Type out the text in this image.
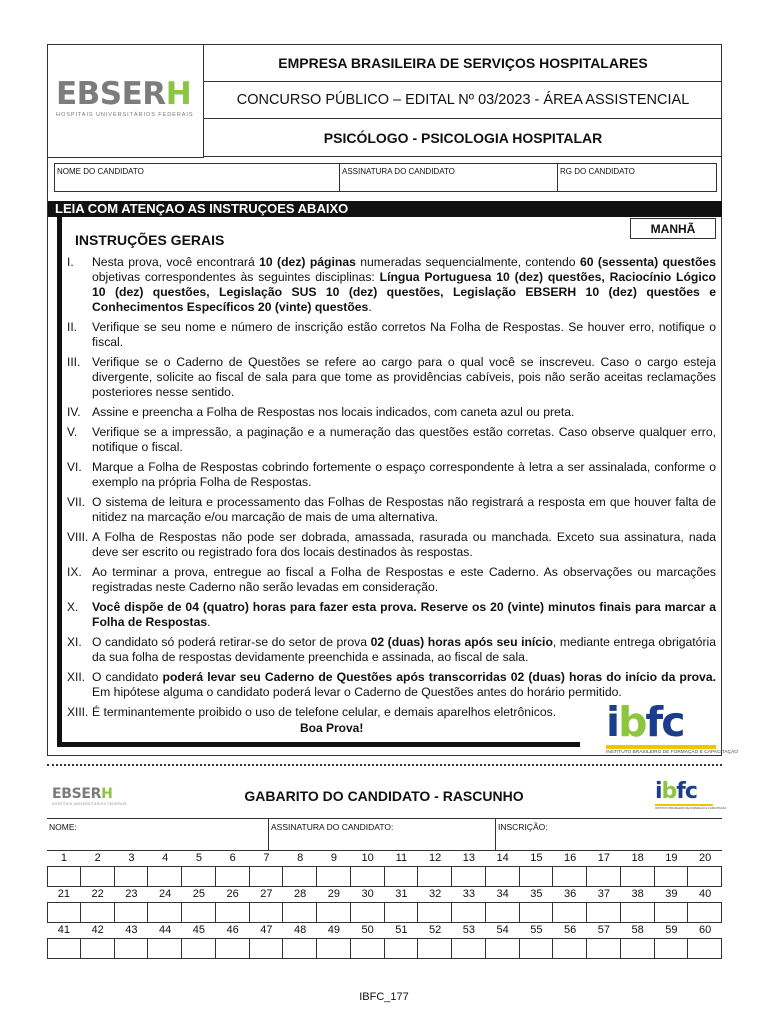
EBSERH
HOSPITAIS UNIVERSITÁRIOS FEDERAIS
EMPRESA BRASILEIRA DE SERVIÇOS HOSPITALARES
CONCURSO PÚBLICO – EDITAL Nº 03/2023 - ÁREA ASSISTENCIAL
PSICÓLOGO - PSICOLOGIA HOSPITALAR
NOME DO CANDIDATO	ASSINATURA DO CANDIDATO	RG DO CANDIDATO
LEIA COM ATENÇAO AS INSTRUÇOES ABAIXO
MANHÃ
INSTRUÇÕES GERAIS
I.	Nesta prova, você encontrará 10 (dez) páginas numeradas sequencialmente, contendo 60 (sessenta) questões objetivas correspondentes às seguintes disciplinas: Língua Portuguesa 10 (dez) questões, Raciocínio Lógico 10 (dez) questões, Legislação SUS 10 (dez) questões, Legislação EBSERH 10 (dez) questões e Conhecimentos Específicos 20 (vinte) questões.
II.	Verifique se seu nome e número de inscrição estão corretos Na Folha de Respostas. Se houver erro, notifique o fiscal.
III. Verifique se o Caderno de Questões se refere ao cargo para o qual você se inscreveu. Caso o cargo esteja divergente, solicite ao fiscal de sala para que tome as providências cabíveis, pois não serão aceitas reclamações posteriores nesse sentido.
IV. Assine e preencha a Folha de Respostas nos locais indicados, com caneta azul ou preta.
V.	Verifique se a impressão, a paginação e a numeração das questões estão corretas. Caso observe qualquer erro, notifique o fiscal.
VI. Marque a Folha de Respostas cobrindo fortemente o espaço correspondente à letra a ser assinalada, conforme o exemplo na própria Folha de Respostas.
VII. O sistema de leitura e processamento das Folhas de Respostas não registrará a resposta em que houver falta de nitidez na marcação e/ou marcação de mais de uma alternativa.
VIII. A Folha de Respostas não pode ser dobrada, amassada, rasurada ou manchada. Exceto sua assinatura, nada deve ser escrito ou registrado fora dos locais destinados às respostas.
IX. Ao terminar a prova, entregue ao fiscal a Folha de Respostas e este Caderno. As observações ou marcações registradas neste Caderno não serão levadas em consideração.
X.	Você dispõe de 04 (quatro) horas para fazer esta prova. Reserve os 20 (vinte) minutos finais para marcar a Folha de Respostas.
XI. O candidato só poderá retirar-se do setor de prova 02 (duas) horas após seu início, mediante entrega obrigatória da sua folha de respostas devidamente preenchida e assinada, ao fiscal de sala.
XII. O candidato poderá levar seu Caderno de Questões após transcorridas 02 (duas) horas do início da prova. Em hipótese alguma o candidato poderá levar o Caderno de Questões antes do horário permitido.
XIII. É terminantemente proibido o uso de telefone celular, e demais aparelhos eletrônicos.
Boa Prova!	ibfc
INSTITUTO BRASILEIRO DE FORMAÇÃO E CAPACITAÇÃO
EBSERH
HOSPITAIS UNIVERSITÁRIOS FEDERAIS	GABARITO DO CANDIDATO - RASCUNHO	ibfc
INSTITUTO BRASILEIRO DE FORMAÇÃO E CAPACITAÇÃO
NOME:	ASSINATURA DO CANDIDATO:	INSCRIÇÃO:
1	2	3	4	5	6	7	8	9	10	11	12	13	14	15	16	17	18	19	20
21	22	23	24	25	26	27	28	29	30	31	32	33	34	35	36	37	38	39	40
41	42	43	44	45	46	47	48	49	50	51	52	53	54	55	56	57	58	59	60
IBFC_177
